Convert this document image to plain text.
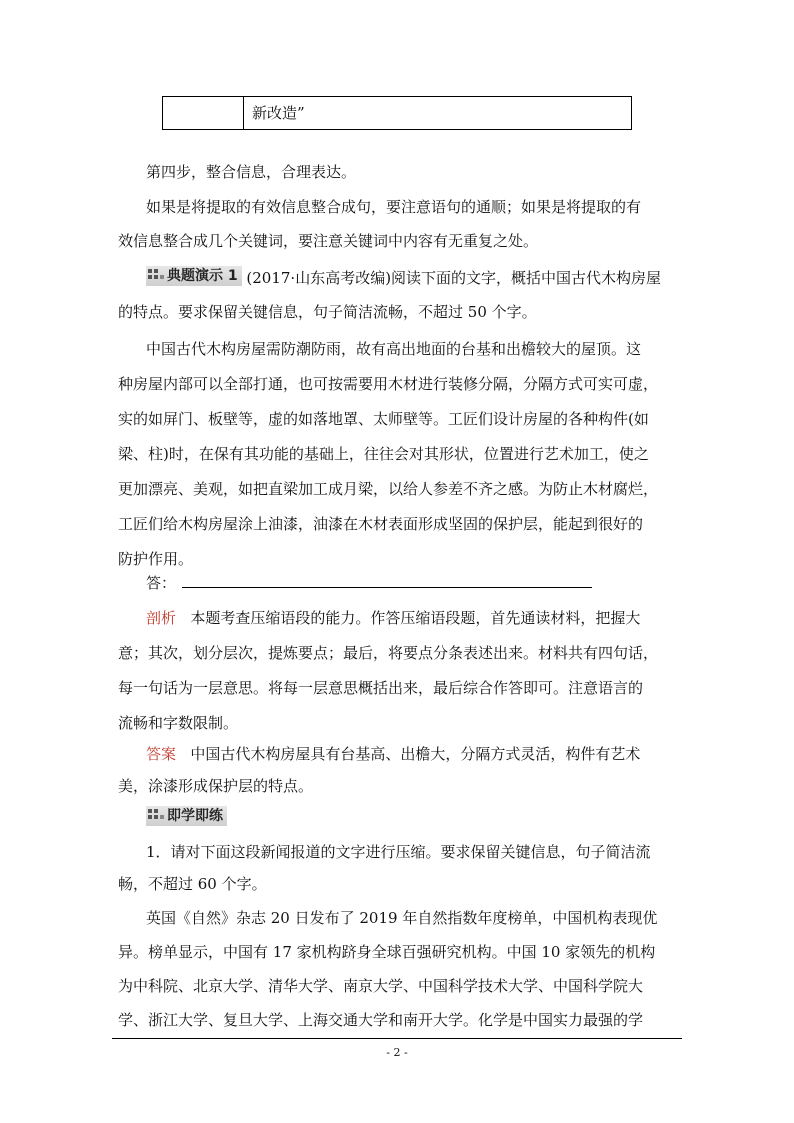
新改造”
第四步，整合信息，合理表达。
如果是将提取的有效信息整合成句，要注意语句的通顺；如果是将提取的有
效信息整合成几个关键词，要注意关键词中内容有无重复之处。
典题演示 1 (2017·山东高考改编)阅读下面的文字，概括中国古代木构房屋
的特点。要求保留关键信息，句子简洁流畅，不超过 50 个字。
中国古代木构房屋需防潮防雨，故有高出地面的台基和出檐较大的屋顶。这
种房屋内部可以全部打通，也可按需要用木材进行装修分隔，分隔方式可实可虚，
实的如屏门、板壁等，虚的如落地罩、太师壁等。工匠们设计房屋的各种构件(如
梁、柱)时，在保有其功能的基础上，往往会对其形状，位置进行艺术加工，使之
更加漂亮、美观，如把直梁加工成月梁，以给人参差不齐之感。为防止木材腐烂，
工匠们给木构房屋涂上油漆，油漆在木材表面形成坚固的保护层，能起到很好的
防护作用。
答：
剖析 本题考查压缩语段的能力。作答压缩语段题，首先通读材料，把握大
意；其次，划分层次，提炼要点；最后，将要点分条表述出来。材料共有四句话，
每一句话为一层意思。将每一层意思概括出来，最后综合作答即可。注意语言的
流畅和字数限制。
答案 中国古代木构房屋具有台基高、出檐大，分隔方式灵活，构件有艺术
美，涂漆形成保护层的特点。
即学即练
1．请对下面这段新闻报道的文字进行压缩。要求保留关键信息，句子简洁流
畅，不超过 60 个字。
英国《自然》杂志 20 日发布了 2019 年自然指数年度榜单，中国机构表现优
异。榜单显示，中国有 17 家机构跻身全球百强研究机构。中国 10 家领先的机构
为中科院、北京大学、清华大学、南京大学、中国科学技术大学、中国科学院大
学、浙江大学、复旦大学、上海交通大学和南开大学。化学是中国实力最强的学
- 2 -
